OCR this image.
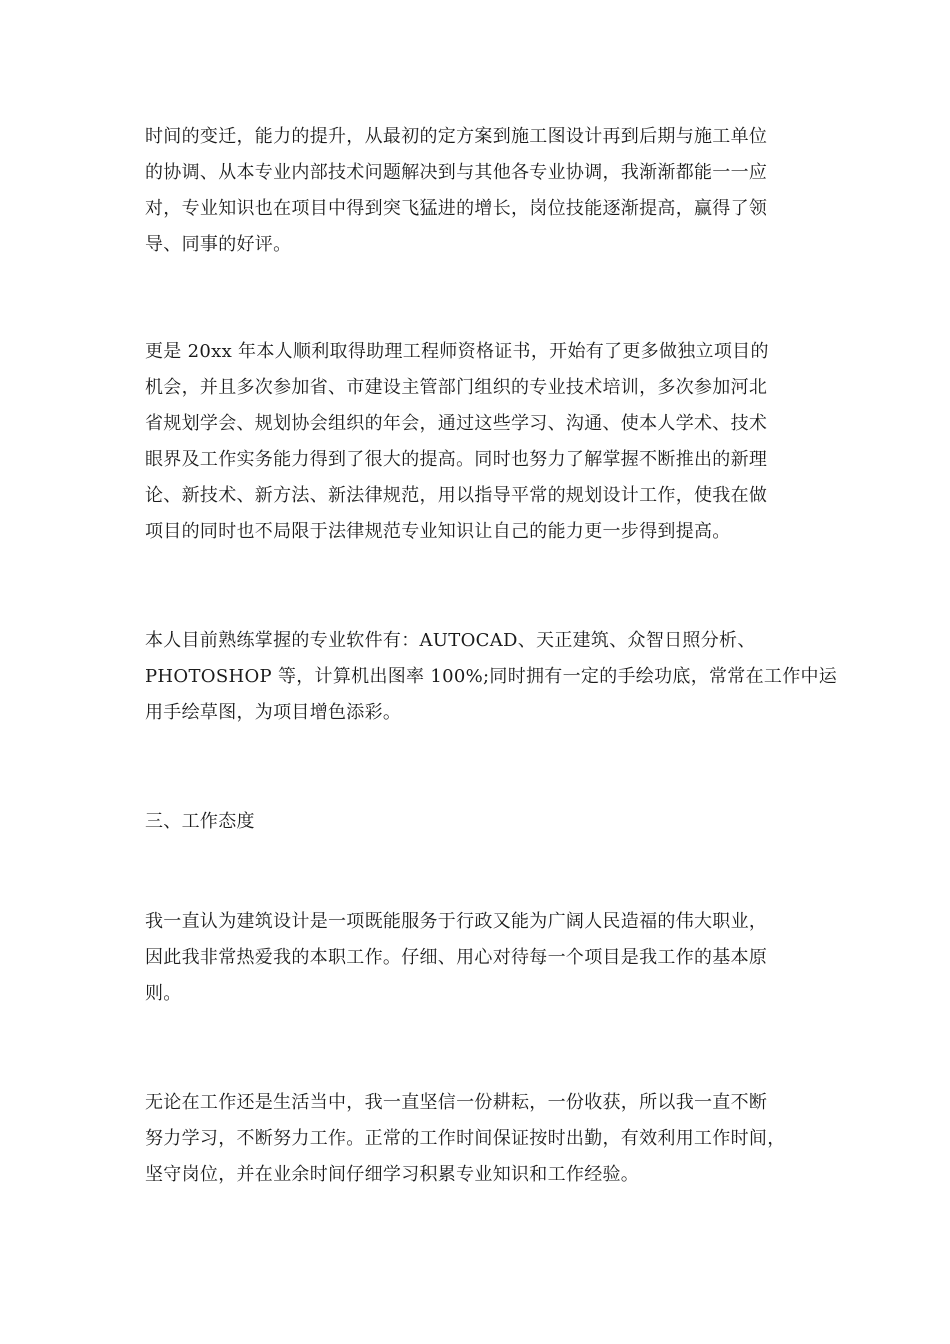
时间的变迁，能力的提升，从最初的定方案到施工图设计再到后期与施工单位
的协调、从本专业内部技术问题解决到与其他各专业协调，我渐渐都能一一应
对，专业知识也在项目中得到突飞猛进的增长，岗位技能逐渐提高，赢得了领
导、同事的好评。

更是 20xx 年本人顺利取得助理工程师资格证书，开始有了更多做独立项目的
机会，并且多次参加省、市建设主管部门组织的专业技术培训，多次参加河北
省规划学会、规划协会组织的年会，通过这些学习、沟通、使本人学术、技术
眼界及工作实务能力得到了很大的提高。同时也努力了解掌握不断推出的新理
论、新技术、新方法、新法律规范，用以指导平常的规划设计工作，使我在做
项目的同时也不局限于法律规范专业知识让自己的能力更一步得到提高。

本人目前熟练掌握的专业软件有：AUTOCAD、天正建筑、众智日照分析、
PHOTOSHOP 等，计算机出图率 100%;同时拥有一定的手绘功底，常常在工作中运
用手绘草图，为项目增色添彩。

三、工作态度

我一直认为建筑设计是一项既能服务于行政又能为广阔人民造福的伟大职业，
因此我非常热爱我的本职工作。仔细、用心对待每一个项目是我工作的基本原
则。

无论在工作还是生活当中，我一直坚信一份耕耘，一份收获，所以我一直不断
努力学习，不断努力工作。正常的工作时间保证按时出勤，有效利用工作时间，
坚守岗位，并在业余时间仔细学习积累专业知识和工作经验。
